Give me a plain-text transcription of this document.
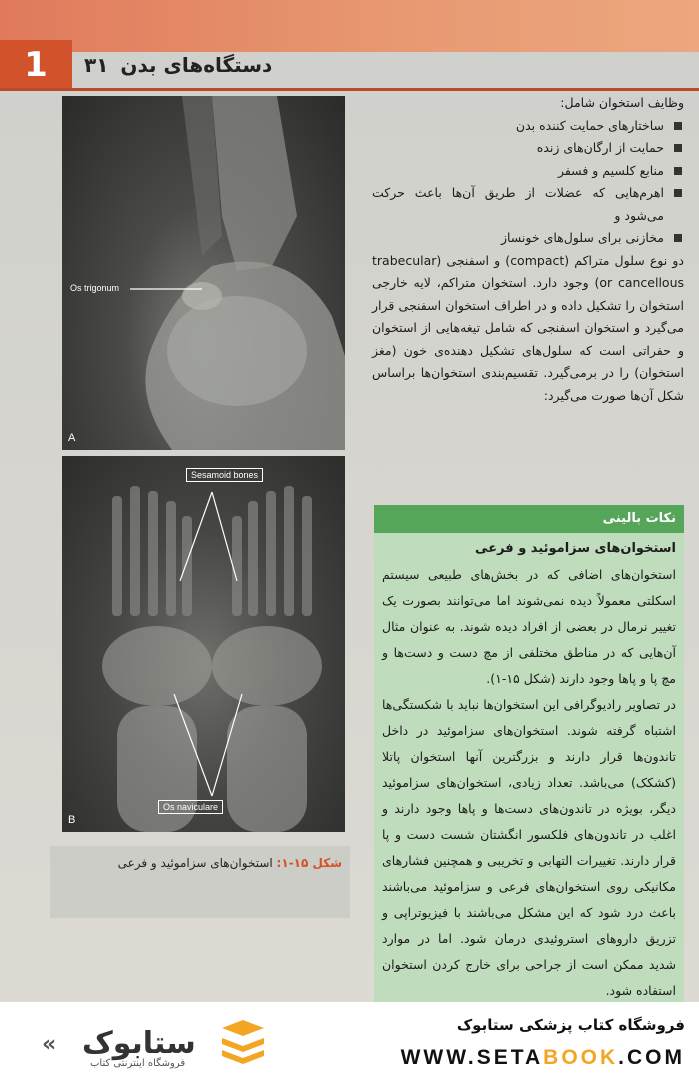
1	دستگاه‌های بدن
۳۱
Os trigonum
A
Sesamoid bones
Os naviculare
B
شکل ۱۵-۱: استخوان‌های سزاموئید و فرعی
وظایف استخوان شامل:
ساختارهای حمایت کننده بدن
حمایت از ارگان‌های زنده
منابع کلسیم و فسفر
اهرم‌هایی که عضلات از طریق آن‌ها باعث حرکت می‌شود و
مخازنی برای سلول‌های خونساز

دو نوع سلول متراکم (compact) و اسفنجی (trabecular or cancellous) وجود دارد. استخوان متراکم، لایه خارجی استخوان را تشکیل داده و در اطراف استخوان اسفنجی قرار می‌گیرد و استخوان اسفنجی که شامل تیغه‌هایی از استخوان و حفراتی است که سلول‌های تشکیل دهنده‌ی خون (مغز استخوان) را در برمی‌گیرد. تقسیم‌بندی استخوان‌ها براساس شکل آن‌ها صورت می‌گیرد:

نکات بالینی
استخوان‌های سزاموئید و فرعی
استخوان‌های اضافی که در بخش‌های طبیعی سیستم اسکلتی معمولاً دیده نمی‌شوند اما می‌توانند بصورت یک تغییر نرمال در بعضی از افراد دیده شوند. به عنوان مثال آن‌هایی که در مناطق مختلفی از مچ دست و دست‌ها و مچ پا و پاها وجود دارند (شکل ۱۵-۱).
در تصاویر رادیوگرافی این استخوان‌ها نباید با شکستگی‌ها اشتباه گرفته شوند. استخوان‌های سزاموئید در داخل تاندون‌ها قرار دارند و بزرگترین آنها استخوان پاتلا (کشکک) می‌باشد. تعداد زیادی، استخوان‌های سزاموئید دیگر، بویژه در تاندون‌های دست‌ها و پاها وجود دارند و اغلب در تاندون‌های فلکسور انگشتان شست دست و پا قرار دارند. تغییرات التهابی و تخریبی و همچنین فشارهای مکانیکی روی استخوان‌های فرعی و سزاموئید می‌باشند باعث درد شود که این مشکل می‌باشند با فیزیوتراپی و تزریق داروهای استروئیدی درمان شود. اما در موارد شدید ممکن است از جراحی برای خارج کردن استخوان استفاده شود.
فروشگاه کتاب پزشکی ستابوک
WWW.SETABOOK.COM
« ستابوک
فروشگاه اینترنتی کتاب
